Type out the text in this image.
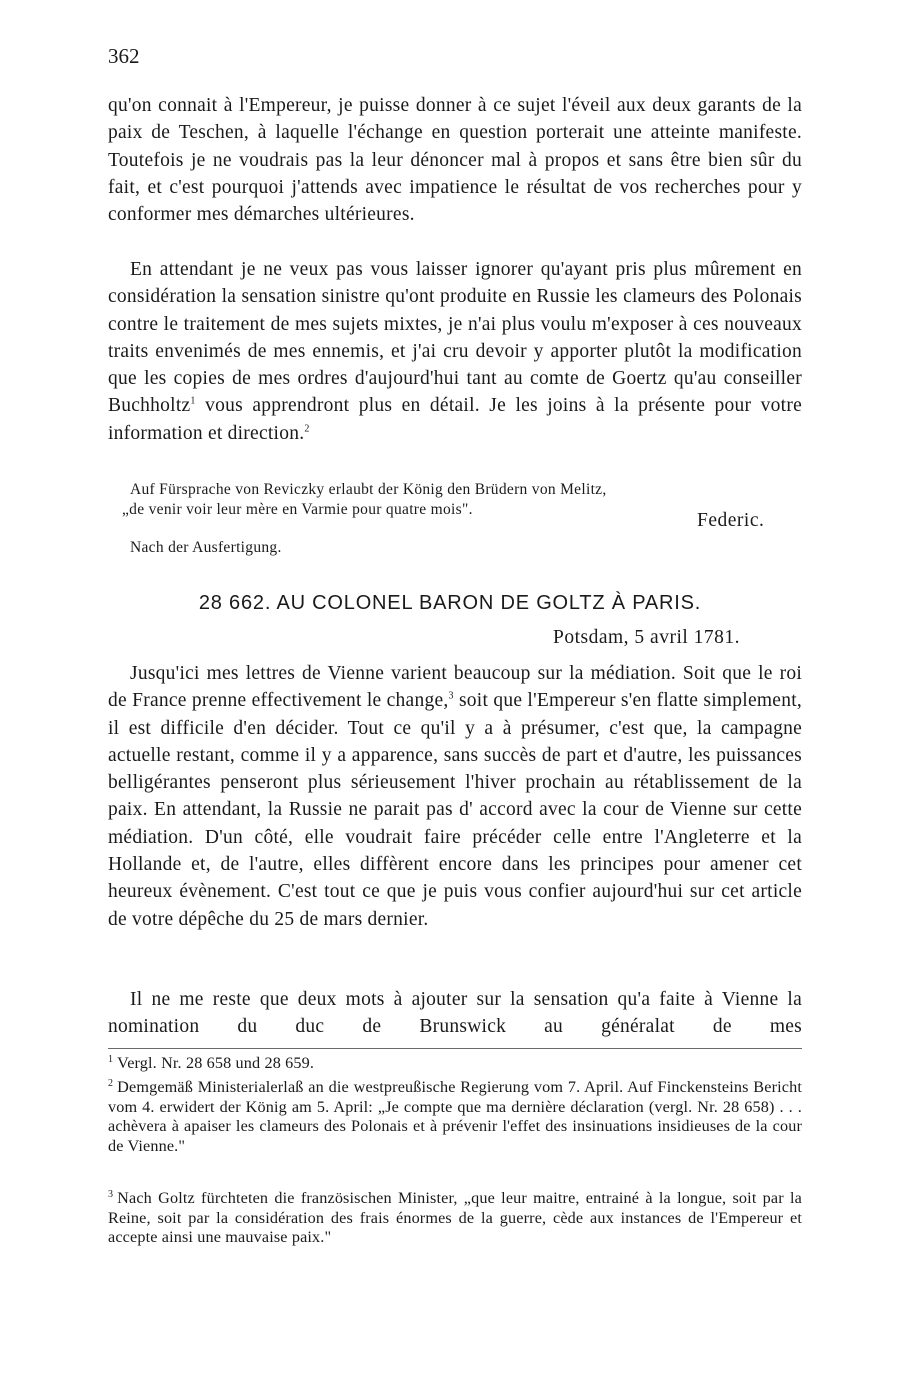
362
qu'on connait à l'Empereur, je puisse donner à ce sujet l'éveil aux deux garants de la paix de Teschen, à laquelle l'échange en question porterait une atteinte manifeste. Toutefois je ne voudrais pas la leur dénoncer mal à propos et sans être bien sûr du fait, et c'est pourquoi j'attends avec impatience le résultat de vos recherches pour y conformer mes démarches ultérieures.
En attendant je ne veux pas vous laisser ignorer qu'ayant pris plus mûrement en considération la sensation sinistre qu'ont produite en Russie les clameurs des Polonais contre le traitement de mes sujets mixtes, je n'ai plus voulu m'exposer à ces nouveaux traits envenimés de mes ennemis, et j'ai cru devoir y apporter plutôt la modification que les copies de mes ordres d'aujourd'hui tant au comte de Goertz qu'au conseiller Buchholtz$^1$ vous apprendront plus en détail. Je les joins à la présente pour votre information et direction.$^2$
Auf Fürsprache von Reviczky erlaubt der König den Brüdern von Melitz,
„de venir voir leur mère en Varmie pour quatre mois".
Federic.
Nach der Ausfertigung.
28 662. AU COLONEL BARON DE GOLTZ À PARIS.
Potsdam, 5 avril 1781.
Jusqu'ici mes lettres de Vienne varient beaucoup sur la médiation. Soit que le roi de France prenne effectivement le change,$^3$ soit que l'Empereur s'en flatte simplement, il est difficile d'en décider. Tout ce qu'il y a à présumer, c'est que, la campagne actuelle restant, comme il y a apparence, sans succès de part et d'autre, les puissances belligérantes penseront plus sérieusement l'hiver prochain au rétablissement de la paix. En attendant, la Russie ne parait pas d' accord avec la cour de Vienne sur cette médiation. D'un côté, elle voudrait faire précéder celle entre l'Angleterre et la Hollande et, de l'autre, elles diffèrent encore dans les principes pour amener cet heureux évènement. C'est tout ce que je puis vous confier aujourd'hui sur cet article de votre dépêche du 25 de mars dernier.
Il ne me reste que deux mots à ajouter sur la sensation qu'a faite à Vienne la nomination du duc de Brunswick au généralat de mes
$^1$ Vergl. Nr. 28 658 und 28 659.
$^2$ Demgemäß Ministerialerlaß an die westpreußische Regierung vom 7. April. Auf Finckensteins Bericht vom 4. erwidert der König am 5. April: „Je compte que ma dernière déclaration (vergl. Nr. 28 658) . . . achèvera à apaiser les clameurs des Polonais et à prévenir l'effet des insinuations insidieuses de la cour de Vienne."
$^3$ Nach Goltz fürchteten die französischen Minister, „que leur maitre, entrainé à la longue, soit par la Reine, soit par la considération des frais énormes de la guerre, cède aux instances de l'Empereur et accepte ainsi une mauvaise paix."
